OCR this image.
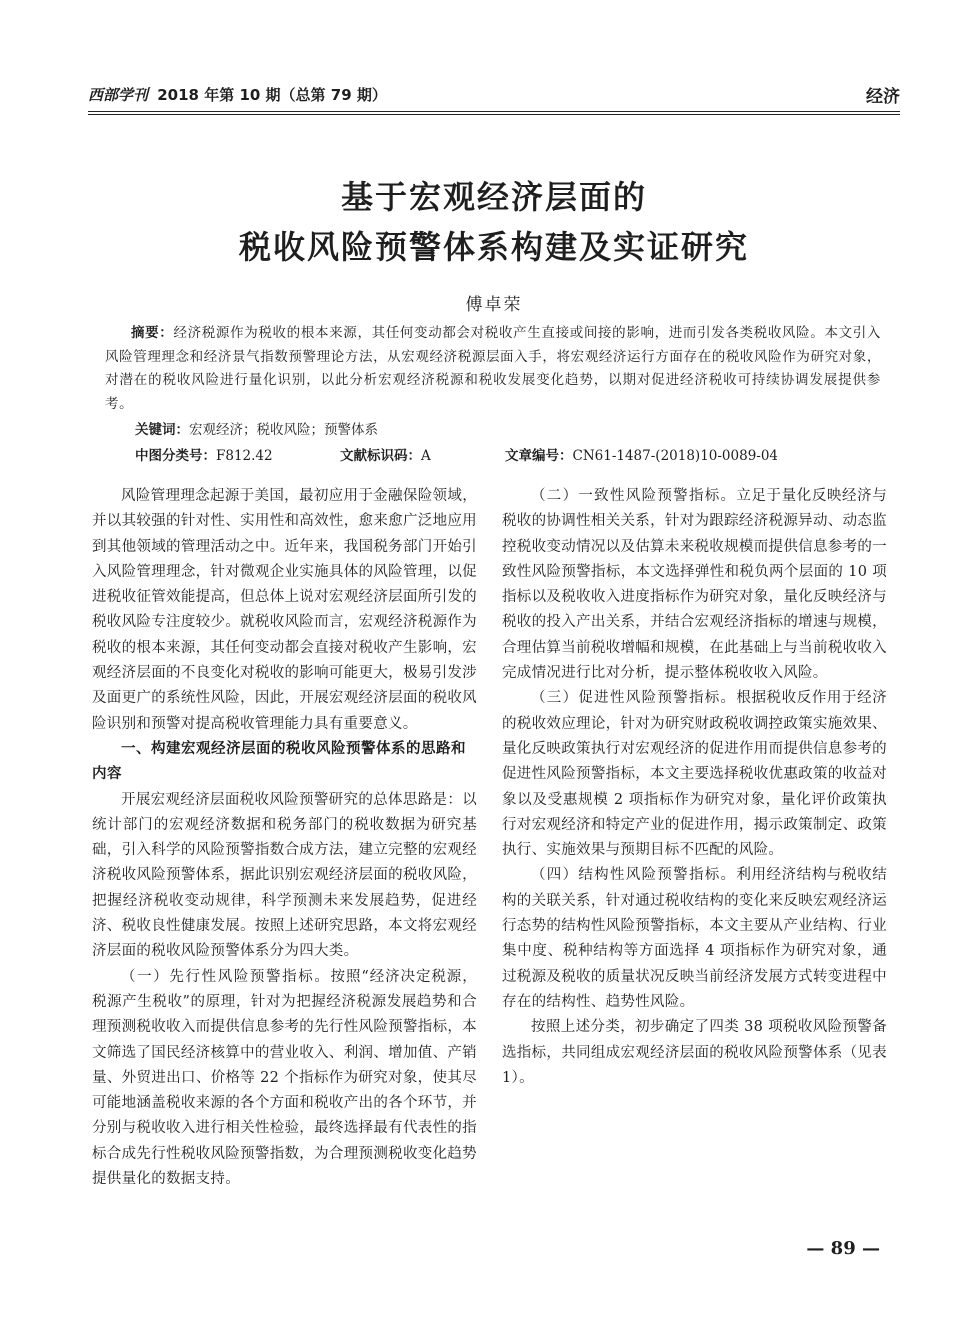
西部学刊 2018 年第 10 期（总第 79 期）	经济
基于宏观经济层面的
税收风险预警体系构建及实证研究
傅卓荣
摘要：经济税源作为税收的根本来源，其任何变动都会对税收产生直接或间接的影响，进而引发各类税收风险。本文引入风险管理理念和经济景气指数预警理论方法，从宏观经济税源层面入手，将宏观经济运行方面存在的税收风险作为研究对象，对潜在的税收风险进行量化识别，以此分析宏观经济税源和税收发展变化趋势，以期对促进经济税收可持续协调发展提供参考。
关键词：宏观经济；税收风险；预警体系
中图分类号：F812.42	文献标识码：A	文章编号：CN61-1487-(2018)10-0089-04

风险管理理念起源于美国，最初应用于金融保险领域，并以其较强的针对性、实用性和高效性，愈来愈广泛地应用到其他领域的管理活动之中。近年来，我国税务部门开始引入风险管理理念，针对微观企业实施具体的风险管理，以促进税收征管效能提高，但总体上说对宏观经济层面所引发的税收风险专注度较少。就税收风险而言，宏观经济税源作为税收的根本来源，其任何变动都会直接对税收产生影响，宏观经济层面的不良变化对税收的影响可能更大，极易引发涉及面更广的系统性风险，因此，开展宏观经济层面的税收风险识别和预警对提高税收管理能力具有重要意义。

一、构建宏观经济层面的税收风险预警体系的思路和内容

开展宏观经济层面税收风险预警研究的总体思路是：以统计部门的宏观经济数据和税务部门的税收数据为研究基础，引入科学的风险预警指数合成方法，建立完整的宏观经济税收风险预警体系，据此识别宏观经济层面的税收风险，把握经济税收变动规律，科学预测未来发展趋势，促进经济、税收良性健康发展。按照上述研究思路，本文将宏观经济层面的税收风险预警体系分为四大类。

（一）先行性风险预警指标。按照“经济决定税源，税源产生税收”的原理，针对为把握经济税源发展趋势和合理预测税收收入而提供信息参考的先行性风险预警指标，本文筛选了国民经济核算中的营业收入、利润、增加值、产销量、外贸进出口、价格等 22 个指标作为研究对象，使其尽可能地涵盖税收来源的各个方面和税收产出的各个环节，并分别与税收收入进行相关性检验，最终选择最有代表性的指标合成先行性税收风险预警指数，为合理预测税收变化趋势提供量化的数据支持。

（二）一致性风险预警指标。立足于量化反映经济与税收的协调性相关关系，针对为跟踪经济税源异动、动态监控税收变动情况以及估算未来税收规模而提供信息参考的一致性风险预警指标，本文选择弹性和税负两个层面的 10 项指标以及税收收入进度指标作为研究对象，量化反映经济与税收的投入产出关系，并结合宏观经济指标的增速与规模，合理估算当前税收增幅和规模，在此基础上与当前税收收入完成情况进行比对分析，提示整体税收收入风险。

（三）促进性风险预警指标。根据税收反作用于经济的税收效应理论，针对为研究财政税收调控政策实施效果、量化反映政策执行对宏观经济的促进作用而提供信息参考的促进性风险预警指标，本文主要选择税收优惠政策的收益对象以及受惠规模 2 项指标作为研究对象，量化评价政策执行对宏观经济和特定产业的促进作用，揭示政策制定、政策执行、实施效果与预期目标不匹配的风险。

（四）结构性风险预警指标。利用经济结构与税收结构的关联关系，针对通过税收结构的变化来反映宏观经济运行态势的结构性风险预警指标，本文主要从产业结构、行业集中度、税种结构等方面选择 4 项指标作为研究对象，通过税源及税收的质量状况反映当前经济发展方式转变进程中存在的结构性、趋势性风险。

按照上述分类，初步确定了四类 38 项税收风险预警备选指标，共同组成宏观经济层面的税收风险预警体系（见表 1）。

— 89 —
